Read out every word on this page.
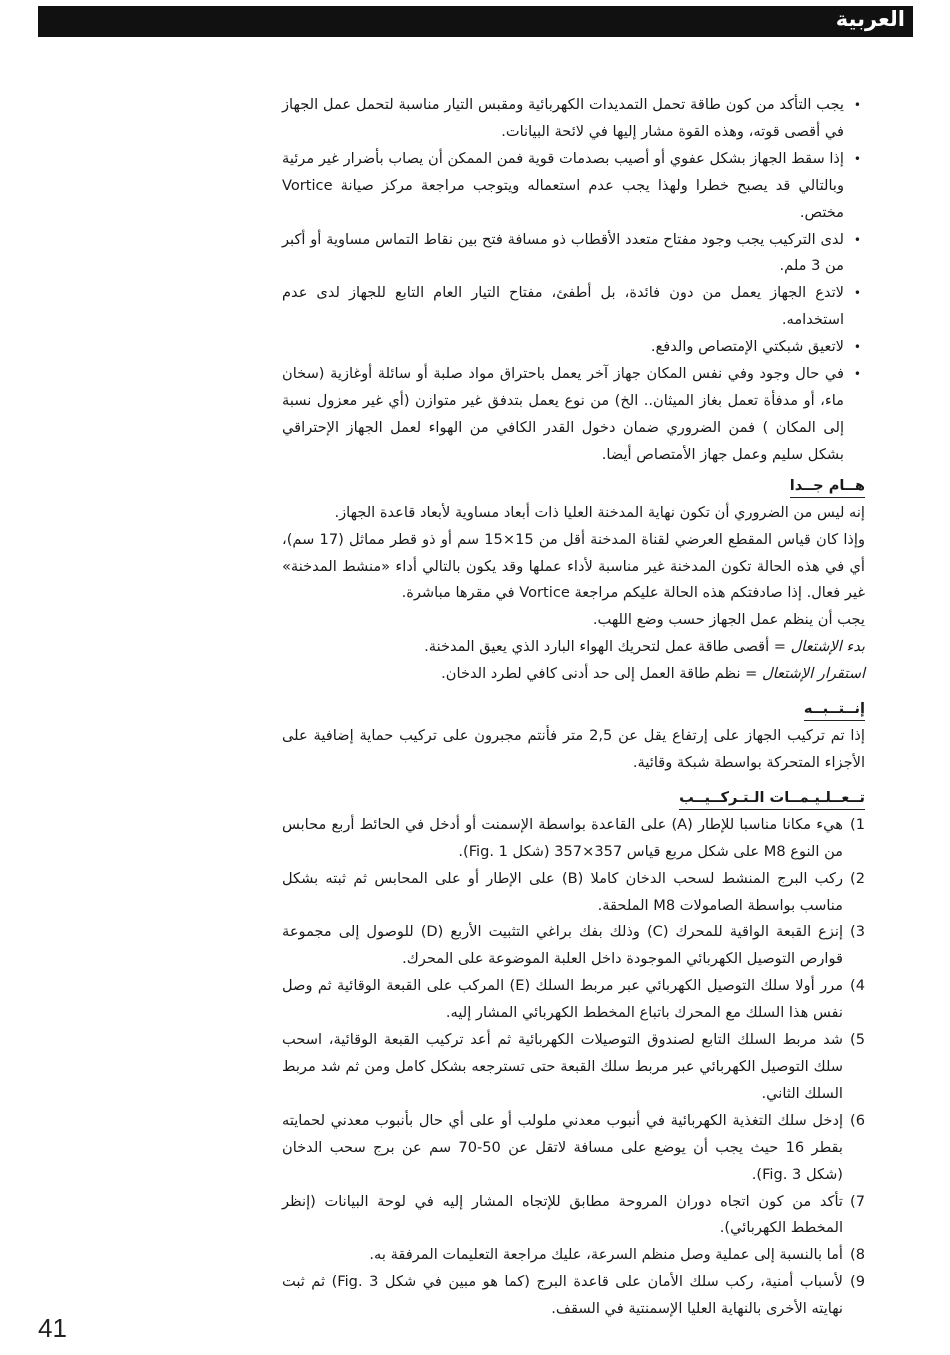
العربية

•
يجب التأكد من كون طاقة تحمل التمديدات الكهربائية ومقبس التيار مناسبة لتحمل عمل الجهاز في أقصى قوته، وهذه القوة مشار إليها في لائحة البيانات.

•
إذا سقط الجهاز بشكل عفوي أو أصيب بصدمات قوية فمن الممكن أن يصاب بأضرار غير مرئية وبالتالي قد يصبح خطرا ولهذا يجب عدم استعماله ويتوجب مراجعة مركز صيانة Vortice مختص.

•
لدى التركيب يجب وجود مفتاح متعدد الأقطاب ذو مسافة فتح بين نقاط التماس مساوية أو أكبر من 3 ملم.

•
لاتدع الجهاز يعمل من دون فائدة، بل أطفئ، مفتاح التيار العام التابع للجهاز لدى عدم استخدامه.

•
لاتعيق شبكتي الإمتصاص والدفع.

•
في حال وجود وفي نفس المكان جهاز آخر يعمل باحتراق مواد صلبة أو سائلة أوغازية (سخان ماء، أو مدفأة تعمل بغاز الميثان.. الخ) من نوع يعمل بتدفق غير متوازن (أي غير معزول نسبة إلى المكان ) فمن الضروري ضمان دخول القدر الكافي من الهواء لعمل الجهاز الإحتراقي بشكل سليم وعمل جهاز الأمتصاص أيضا.

هــام جــدا

إنه ليس من الضروري أن تكون نهاية المدخنة العليا ذات أبعاد مساوية لأبعاد قاعدة الجهاز.

وإذا كان قياس المقطع العرضي لقناة المدخنة أقل من 15×15 سم أو ذو قطر مماثل (17 سم)، أي في هذه الحالة تكون المدخنة غير مناسبة لأداء عملها وقد يكون بالتالي أداء «منشط المدخنة» غير فعال. إذا صادفتكم هذه الحالة عليكم مراجعة Vortice في مقرها مباشرة.

يجب أن ينظم عمل الجهاز حسب وضع اللهب.

بدء الإشتعال = أقصى طاقة عمل لتحريك الهواء البارد الذي يعيق المدخنة.

استقرار الإشتعال = نظم طاقة العمل إلى حد أدنى كافي لطرد الدخان.

إنــتــبــه

إذا تم تركيب الجهاز على إرتفاع يقل عن 2,5 متر فأنتم مجبرون على تركيب حماية إضافية على الأجزاء المتحركة بواسطة شبكة وقائية.

تــعــلـيـمــات الـتـركــيــب

1)
هيء مكانا مناسبا للإطار (A) على القاعدة بواسطة الإسمنت أو أدخل في الحائط أربع محابس من النوع M8 على شكل مربع قياس 357×357 (شكل Fig. 1).

2)
ركب البرج المنشط لسحب الدخان كاملا (B) على الإطار أو على المحابس ثم ثبته بشكل مناسب بواسطة الصامولات M8 الملحقة.

3)
إنزع القبعة الواقية للمحرك (C) وذلك بفك براغي التثبيت الأربع (D) للوصول إلى مجموعة قوارص التوصيل الكهربائي الموجودة داخل العلبة الموضوعة على المحرك.

4)
مرر أولا سلك التوصيل الكهربائي عبر مربط السلك (E) المركب على القبعة الوقائية ثم وصل نفس هذا السلك مع المحرك باتباع المخطط الكهربائي المشار إليه.

5)
شد مربط السلك التابع لصندوق التوصيلات الكهربائية ثم أعد تركيب القبعة الوقائية، اسحب سلك التوصيل الكهربائي عبر مربط سلك القبعة حتى تسترجعه بشكل كامل ومن ثم شد مربط السلك الثاني.

6)
إدخل سلك التغذية الكهربائية في أنبوب معدني ملولب أو على أي حال بأنبوب معدني لحمايته بقطر 16 حيث يجب أن يوضع على مسافة لاتقل عن 50-70 سم عن برج سحب الدخان (شكل Fig. 3).

7)
تأكد من كون اتجاه دوران المروحة مطابق للإتجاه المشار إليه في لوحة البيانات (إنظر المخطط الكهربائي).

8)
أما بالنسبة إلى عملية وصل منظم السرعة، عليك مراجعة التعليمات المرفقة به.

9)
لأسباب أمنية، ركب سلك الأمان على قاعدة البرج (كما هو مبين في شكل Fig. 3) ثم ثبت نهايته الأخرى بالنهاية العليا الإسمنتية في السقف.

41
